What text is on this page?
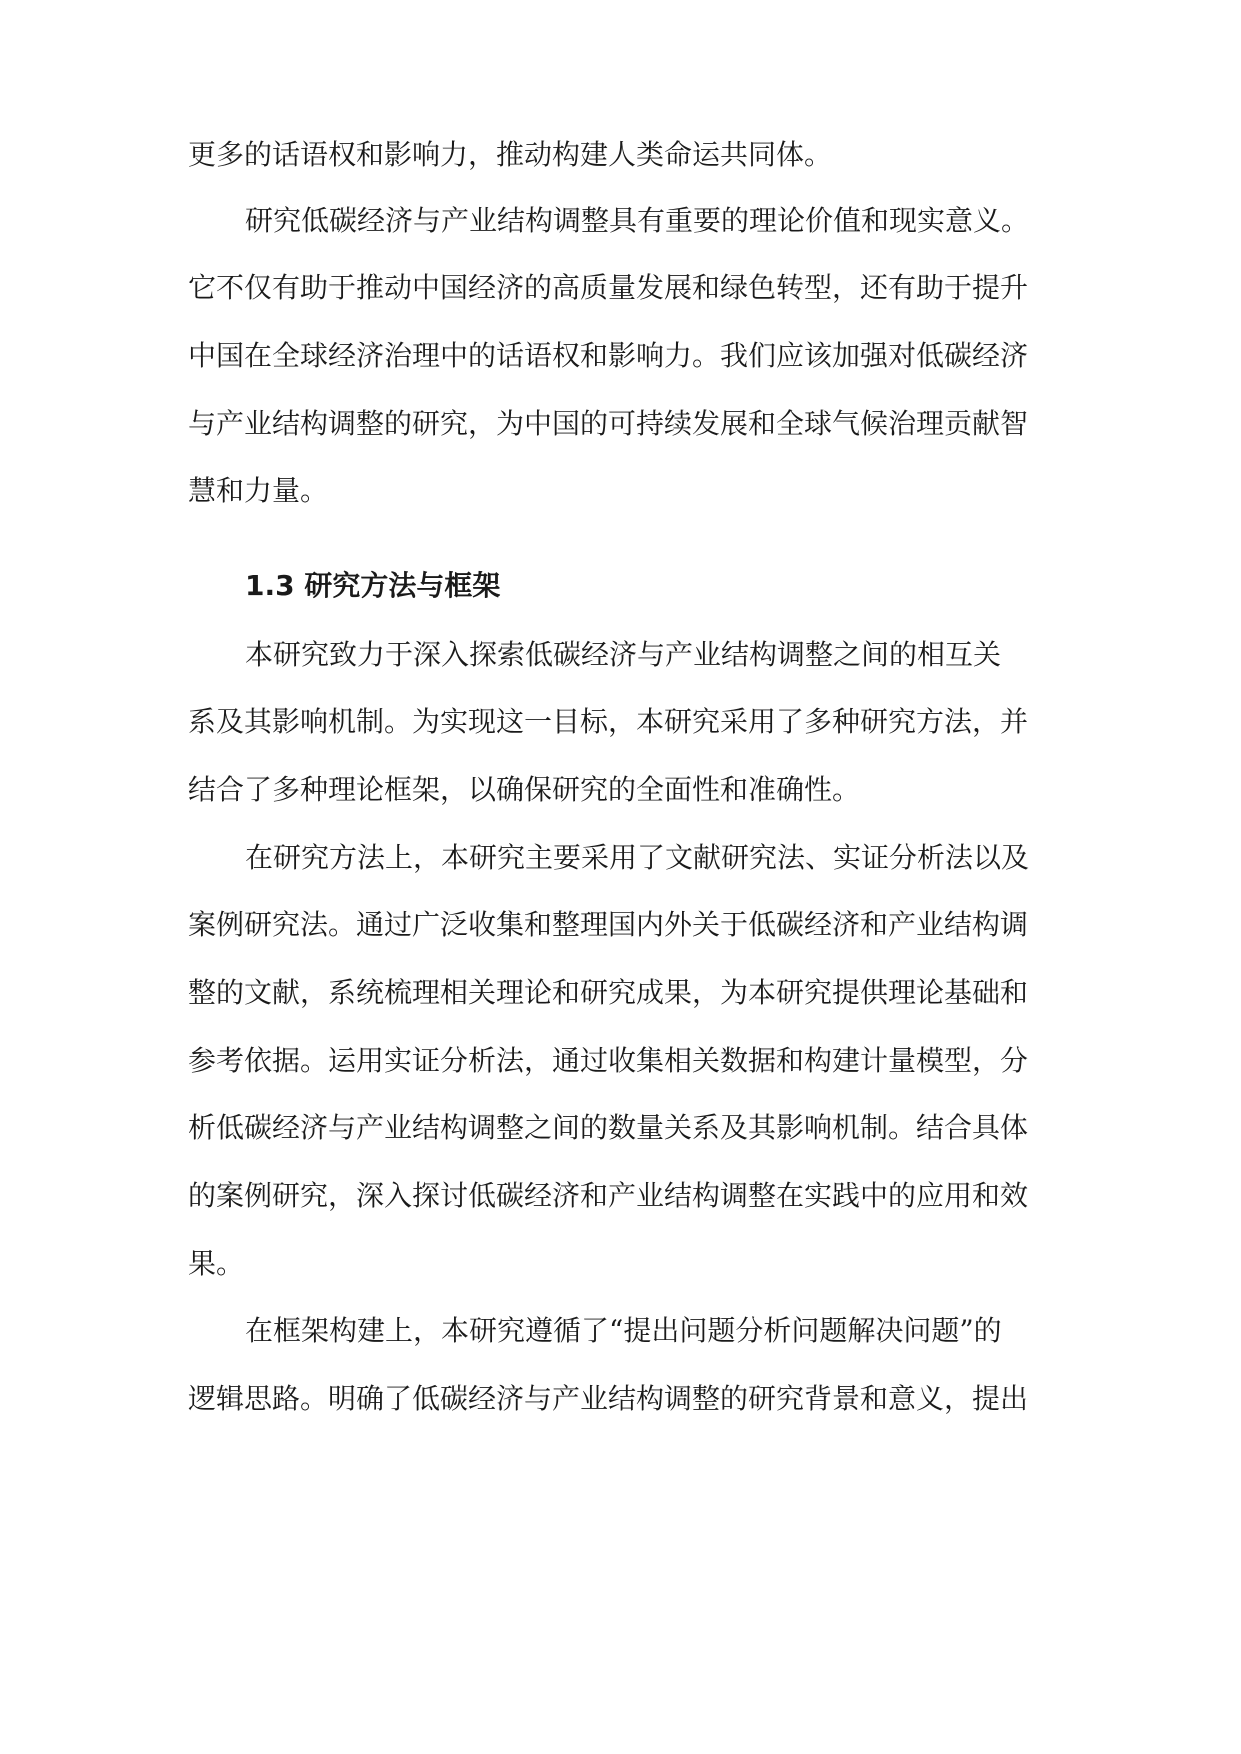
更多的话语权和影响力，推动构建人类命运共同体。
研究低碳经济与产业结构调整具有重要的理论价值和现实意义。
它不仅有助于推动中国经济的高质量发展和绿色转型，还有助于提升
中国在全球经济治理中的话语权和影响力。我们应该加强对低碳经济
与产业结构调整的研究，为中国的可持续发展和全球气候治理贡献智
慧和力量。
1.3 研究方法与框架
本研究致力于深入探索低碳经济与产业结构调整之间的相互关
系及其影响机制。为实现这一目标，本研究采用了多种研究方法，并
结合了多种理论框架，以确保研究的全面性和准确性。
在研究方法上，本研究主要采用了文献研究法、实证分析法以及
案例研究法。通过广泛收集和整理国内外关于低碳经济和产业结构调
整的文献，系统梳理相关理论和研究成果，为本研究提供理论基础和
参考依据。运用实证分析法，通过收集相关数据和构建计量模型，分
析低碳经济与产业结构调整之间的数量关系及其影响机制。结合具体
的案例研究，深入探讨低碳经济和产业结构调整在实践中的应用和效
果。
在框架构建上，本研究遵循了“提出问题分析问题解决问题”的
逻辑思路。明确了低碳经济与产业结构调整的研究背景和意义，提出
